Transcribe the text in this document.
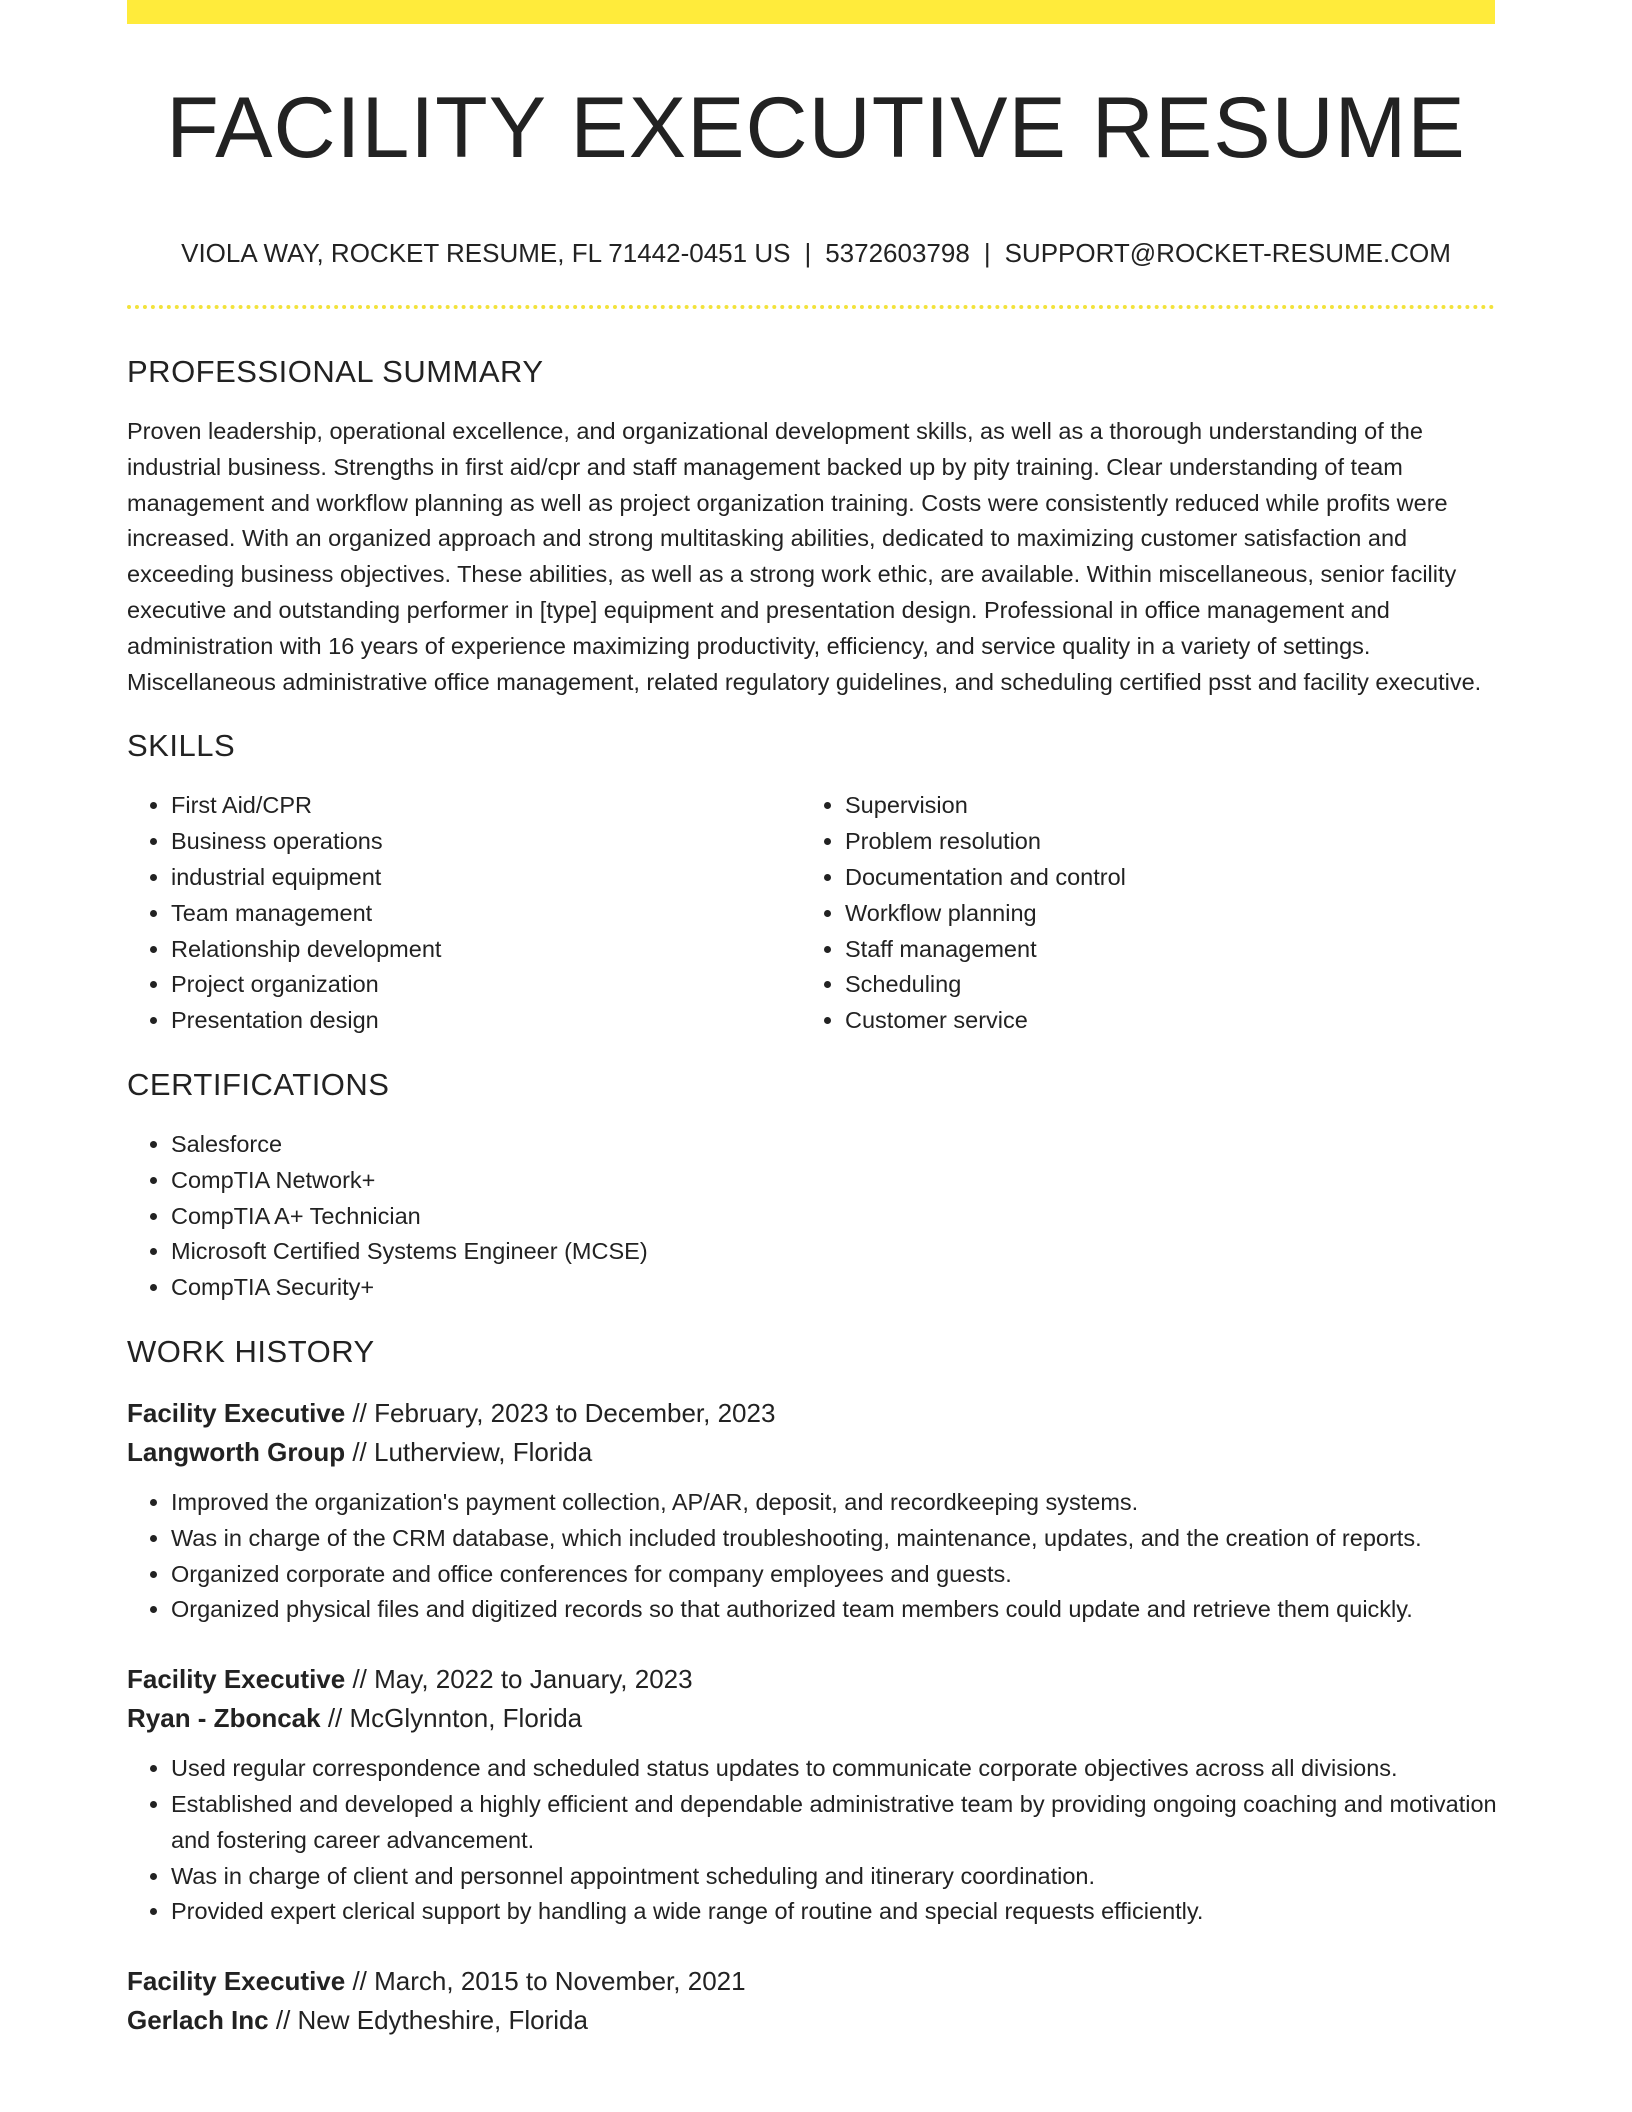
FACILITY EXECUTIVE RESUME
VIOLA WAY, ROCKET RESUME, FL 71442-0451 US | 5372603798 | SUPPORT@ROCKET-RESUME.COM
PROFESSIONAL SUMMARY

Proven leadership, operational excellence, and organizational development skills, as well as a thorough understanding of the industrial business. Strengths in first aid/cpr and staff management backed up by pity training. Clear understanding of team management and workflow planning as well as project organization training. Costs were consistently reduced while profits were increased. With an organized approach and strong multitasking abilities, dedicated to maximizing customer satisfaction and exceeding business objectives. These abilities, as well as a strong work ethic, are available. Within miscellaneous, senior facility executive and outstanding performer in [type] equipment and presentation design. Professional in office management and administration with 16 years of experience maximizing productivity, efficiency, and service quality in a variety of settings. Miscellaneous administrative office management, related regulatory guidelines, and scheduling certified psst and facility executive.

SKILLS
• First Aid/CPR
• Business operations
• industrial equipment
• Team management
• Relationship development
• Project organization
• Presentation design
• Supervision
• Problem resolution
• Documentation and control
• Workflow planning
• Staff management
• Scheduling
• Customer service
CERTIFICATIONS
• Salesforce
• CompTIA Network+
• CompTIA A+ Technician
• Microsoft Certified Systems Engineer (MCSE)
• CompTIA Security+
WORK HISTORY
Facility Executive // February, 2023 to December, 2023
Langworth Group // Lutherview, Florida
• Improved the organization's payment collection, AP/AR, deposit, and recordkeeping systems.
• Was in charge of the CRM database, which included troubleshooting, maintenance, updates, and the creation of reports.
• Organized corporate and office conferences for company employees and guests.
• Organized physical files and digitized records so that authorized team members could update and retrieve them quickly.
Facility Executive // May, 2022 to January, 2023
Ryan - Zboncak // McGlynnton, Florida
• Used regular correspondence and scheduled status updates to communicate corporate objectives across all divisions.
• Established and developed a highly efficient and dependable administrative team by providing ongoing coaching and motivation and fostering career advancement.
• Was in charge of client and personnel appointment scheduling and itinerary coordination.
• Provided expert clerical support by handling a wide range of routine and special requests efficiently.
Facility Executive // March, 2015 to November, 2021
Gerlach Inc // New Edytheshire, Florida
